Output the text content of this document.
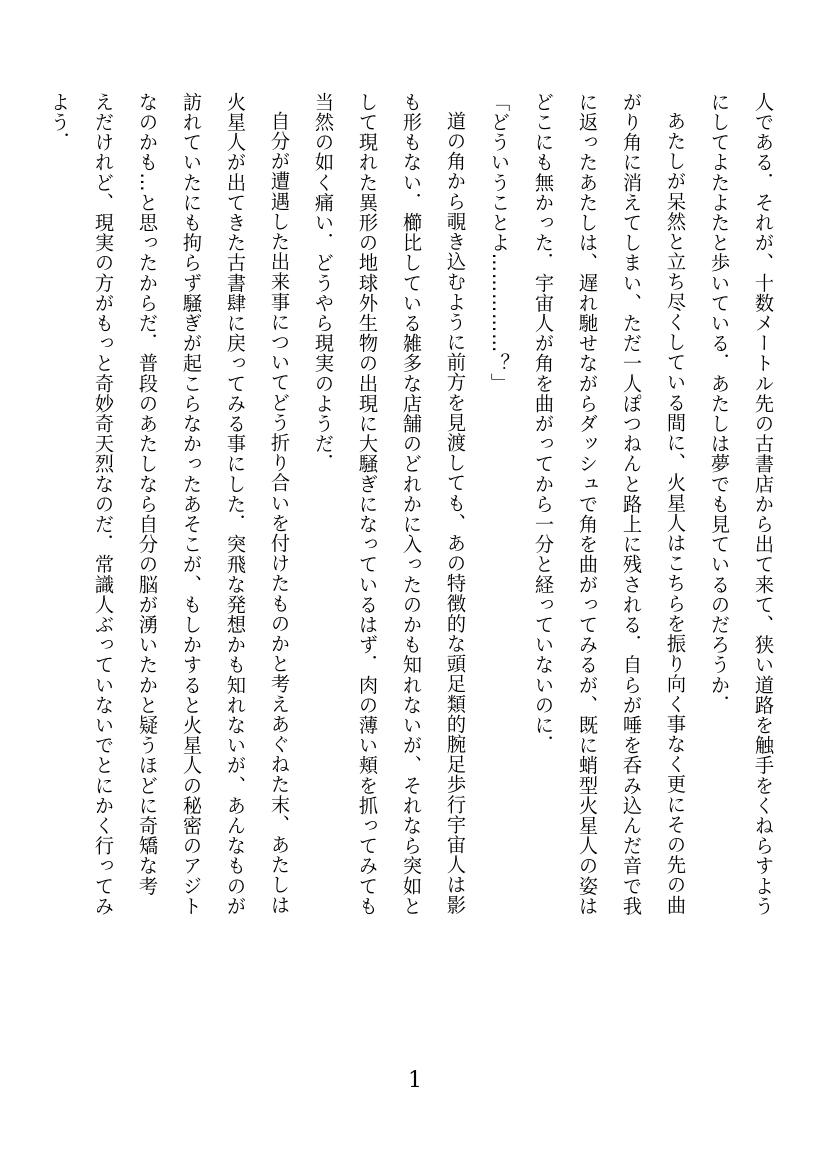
人である．それが、十数メートル先の古書店から出て来て、狭い道路を触手をくねらすよう
にしてよたよたと歩いている．あたしは夢でも見ているのだろうか．
あたしが呆然と立ち尽くしている間に、火星人はこちらを振り向く事なく更にその先の曲
がり角に消えてしまい、ただ一人ぽつねんと路上に残される．自らが唾を呑み込んだ音で我
に返ったあたしは、遅れ馳せながらダッシュで角を曲がってみるが、既に蛸型火星人の姿は
どこにも無かった．宇宙人が角を曲がってから一分と経っていないのに．
「どういうことよ……………？」
道の角から覗き込むように前方を見渡しても、あの特徴的な頭足類的腕足歩行宇宙人は影
も形もない．櫛比している雑多な店舗のどれかに入ったのかも知れないが、それなら突如と
して現れた異形の地球外生物の出現に大騒ぎになっているはず．肉の薄い頬を抓ってみても
当然の如く痛い．どうやら現実のようだ．
自分が遭遇した出来事についてどう折り合いを付けたものかと考えあぐねた末、あたしは
火星人が出てきた古書肆に戻ってみる事にした．突飛な発想かも知れないが、あんなものが
訪れていたにも拘らず騒ぎが起こらなかったあそこが、もしかすると火星人の秘密のアジト
なのかも…と思ったからだ．普段のあたしなら自分の脳が湧いたかと疑うほどに奇矯な考
えだけれど、現実の方がもっと奇妙奇天烈なのだ．常識人ぶっていないでとにかく行ってみ
よう．
1
